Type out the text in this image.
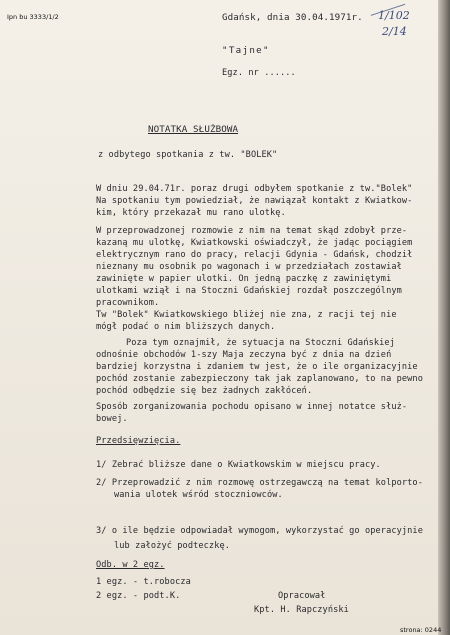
Ipn bu 3333/1/2	1/102
2/14
Gdańsk, dnia 30.04.1971r.
"Tajne"
Egz. nr ......
NOTATKA SŁUŻBOWA
z odbytego spotkania z tw. "BOLEK"
W dniu 29.04.71r. poraz drugi odbyłem spotkanie z tw."Bolek"
Na spotkaniu tym powiedział, że nawiązał kontakt z Kwiatkow-
kim, który przekazał mu rano ulotkę.
W przeprowadzonej rozmowie z nim na temat skąd zdobył prze-
kazaną mu ulotkę, Kwiatkowski oświadczył, że jadąc pociągiem
elektrycznym rano do pracy, relacji Gdynia - Gdańsk, chodził
nieznany mu osobnik po wagonach i w przedziałach zostawiał
zawinięte w papier ulotki. On jedną paczkę z zawiniętymi
ulotkami wziął i na Stoczni Gdańskiej rozdał poszczególnym
pracownikom.
Tw "Bolek" Kwiatkowskiego bliżej nie zna, z racji tej nie
mógł podać o nim bliższych danych.
Poza tym oznajmił, że sytuacja na Stoczni Gdańskiej
odnośnie obchodów 1-szy Maja zeczyna być z dnia na dzień
bardziej korzystna i zdaniem tw jest, że o ile organizacyjnie
pochód zostanie zabezpieczony tak jak zaplanowano, to na pewno
pochód odbędzie się bez żadnych zakłóceń.
Sposób zorganizowania pochodu opisano w innej notatce służ-
bowej.
Przedsięwzięcia.
1/ Zebrać bliższe dane o Kwiatkowskim w miejscu pracy.
2/ Przeprowadzić z nim rozmowę ostrzegawczą na temat kolporto-
wania ulotek wśród stoczniowców.
3/ o ile będzie odpowiadał wymogom, wykorzystać go operacyjnie
lub założyć podteczkę.
Odb. w 2 egz.
1 egz. - t.robocza
2 egz. - podt.K.	Opracował
Kpt. H. Rapczyński
strona: 0244
